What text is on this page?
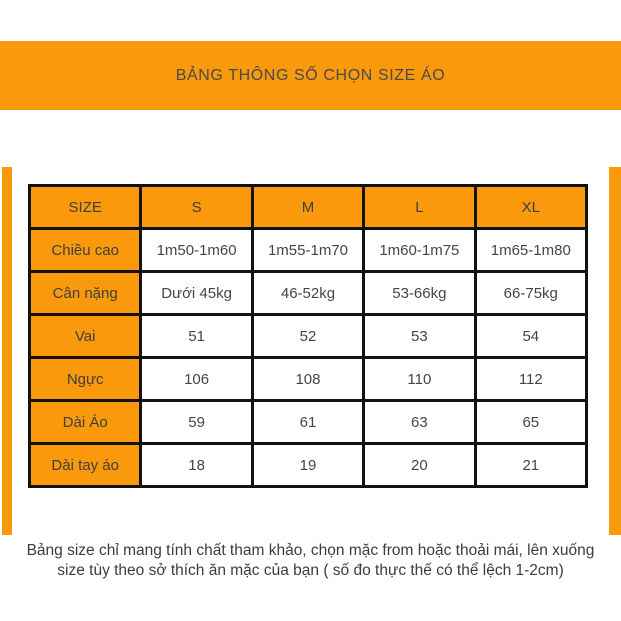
BẢNG THÔNG SỐ CHỌN SIZE ÁO
SIZE	S	M	L	XL
Chiều cao	1m50-1m60	1m55-1m70	1m60-1m75	1m65-1m80
Cân nặng	Dưới 45kg	46-52kg	53-66kg	66-75kg
Vai	51	52	53	54
Ngực	106	108	110	112
Dài Áo	59	61	63	65
Dài tay áo	18	19	20	21
Bảng size chỉ mang tính chất tham khảo, chọn mặc from hoặc thoải mái, lên xuống
size tùy theo sở thích ăn mặc của bạn ( số đo thực thế có thể lệch 1-2cm)
